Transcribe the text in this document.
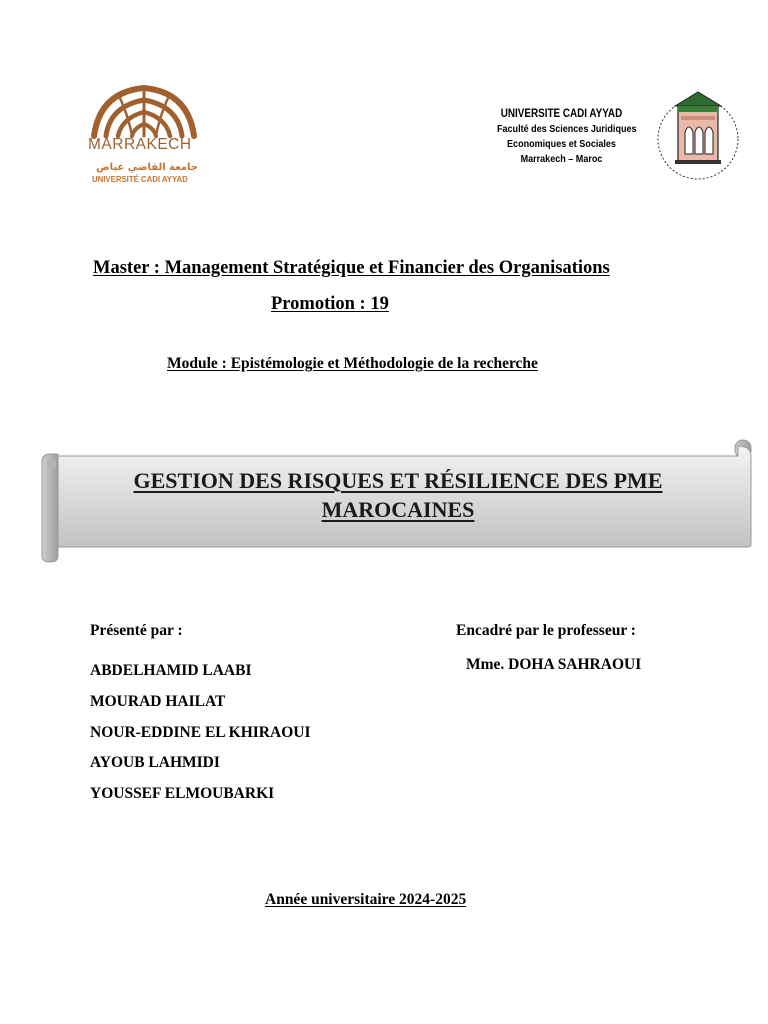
MARRAKECH
جامعة القاضي عياض
UNIVERSITÉ CADI AYYAD
UNIVERSITE CADI AYYAD
Faculté des Sciences Juridiques
Economiques et Sociales
Marrakech – Maroc
Master : Management Stratégique et Financier des Organisations
Promotion : 19
Module : Epistémologie et Méthodologie de la recherche
GESTION DES RISQUES ET RÉSILIENCE DES PME
MAROCAINES
Présenté par :	Encadré par le professeur :
Mme. DOHA SAHRAOUI
ABDELHAMID LAABI
MOURAD HAILAT
NOUR-EDDINE EL KHIRAOUI
AYOUB LAHMIDI
YOUSSEF ELMOUBARKI
Année universitaire 2024-2025
